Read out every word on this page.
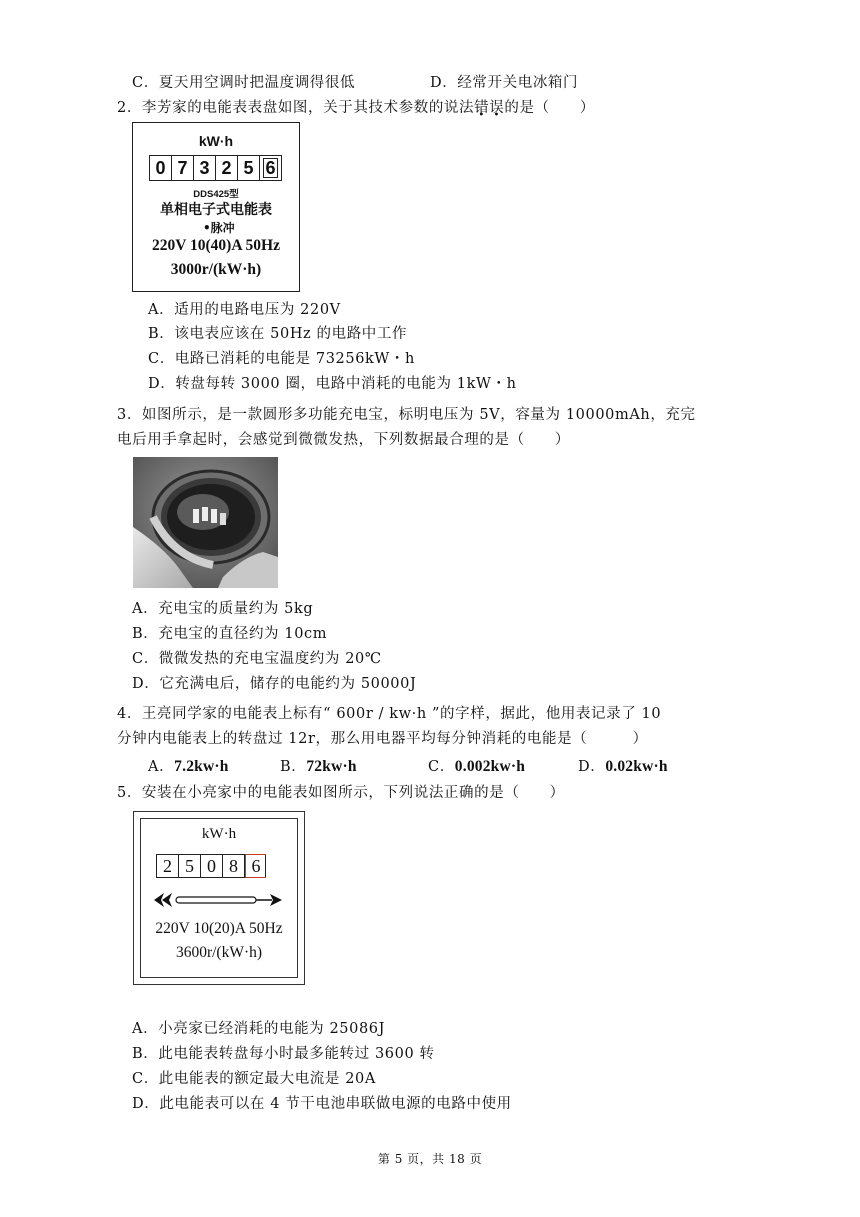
C．夏天用空调时把温度调得很低	D．经常开关电冰箱门
2．李芳家的电能表表盘如图，关于其技术参数的说法错误的是（　　）
kW·h
0 7 3 2 5 6
DDS425型
单相电子式电能表
•脉冲
220V 10(40)A 50Hz
3000r/(kW·h)
A．适用的电路电压为 220V
B．该电表应该在 50Hz 的电路中工作
C．电路已消耗的电能是 73256kW・h
D．转盘每转 3000 圈，电路中消耗的电能为 1kW・h
3．如图所示，是一款圆形多功能充电宝，标明电压为 5V，容量为 10000mAh，充完
电后用手拿起时，会感觉到微微发热，下列数据最合理的是（　　）
A．充电宝的质量约为 5kg
B．充电宝的直径约为 10cm
C．微微发热的充电宝温度约为 20℃
D．它充满电后，储存的电能约为 50000J
4．王亮同学家的电能表上标有“ 600r / kw·h ”的字样，据此，他用表记录了 10
分钟内电能表上的转盘过 12r，那么用电器平均每分钟消耗的电能是（　　　）
A．7.2kw·h	B．72kw·h	C．0.002kw·h	D．0.02kw·h
5．安装在小亮家中的电能表如图所示，下列说法正确的是（　　）
kW·h
2 5 0 8 6
220V 10(20)A 50Hz
3600r/(kW·h)
A．小亮家已经消耗的电能为 25086J
B．此电能表转盘每小时最多能转过 3600 转
C．此电能表的额定最大电流是 20A
D．此电能表可以在 4 节干电池串联做电源的电路中使用
第 5 页，共 18 页
